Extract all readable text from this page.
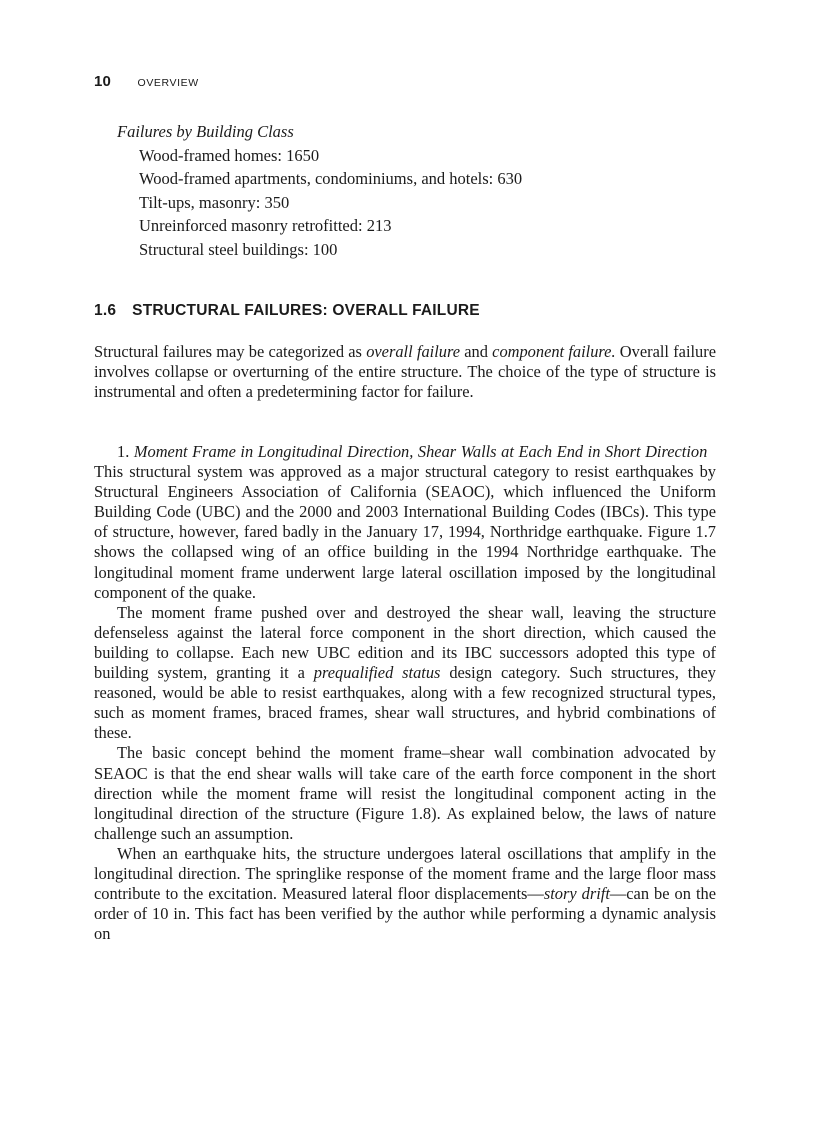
10	OVERVIEW
Failures by Building Class
Wood-framed homes: 1650
Wood-framed apartments, condominiums, and hotels: 630
Tilt-ups, masonry: 350
Unreinforced masonry retrofitted: 213
Structural steel buildings: 100
1.6 STRUCTURAL FAILURES: OVERALL FAILURE

Structural failures may be categorized as overall failure and component failure. Overall failure involves collapse or overturning of the entire structure. The choice of the type of structure is instrumental and often a predetermining factor for failure.

1. Moment Frame in Longitudinal Direction, Shear Walls at Each End in Short Direction   This structural system was approved as a major structural category to resist earthquakes by Structural Engineers Association of California (SEAOC), which influenced the Uniform Building Code (UBC) and the 2000 and 2003 International Building Codes (IBCs). This type of structure, however, fared badly in the January 17, 1994, Northridge earthquake. Figure 1.7 shows the collapsed wing of an office building in the 1994 Northridge earthquake. The longitudinal moment frame underwent large lateral oscillation imposed by the longitudinal component of the quake.

The moment frame pushed over and destroyed the shear wall, leaving the structure defenseless against the lateral force component in the short direction, which caused the building to collapse. Each new UBC edition and its IBC successors adopted this type of building system, granting it a prequalified status design category. Such structures, they reasoned, would be able to resist earthquakes, along with a few recognized structural types, such as moment frames, braced frames, shear wall structures, and hybrid combinations of these.

The basic concept behind the moment frame–shear wall combination advocated by SEAOC is that the end shear walls will take care of the earth force component in the short direction while the moment frame will resist the longitudinal component acting in the longitudinal direction of the structure (Figure 1.8). As explained below, the laws of nature challenge such an assumption.

When an earthquake hits, the structure undergoes lateral oscillations that amplify in the longitudinal direction. The springlike response of the moment frame and the large floor mass contribute to the excitation. Measured lateral floor displacements—story drift—can be on the order of 10 in. This fact has been verified by the author while performing a dynamic analysis on
